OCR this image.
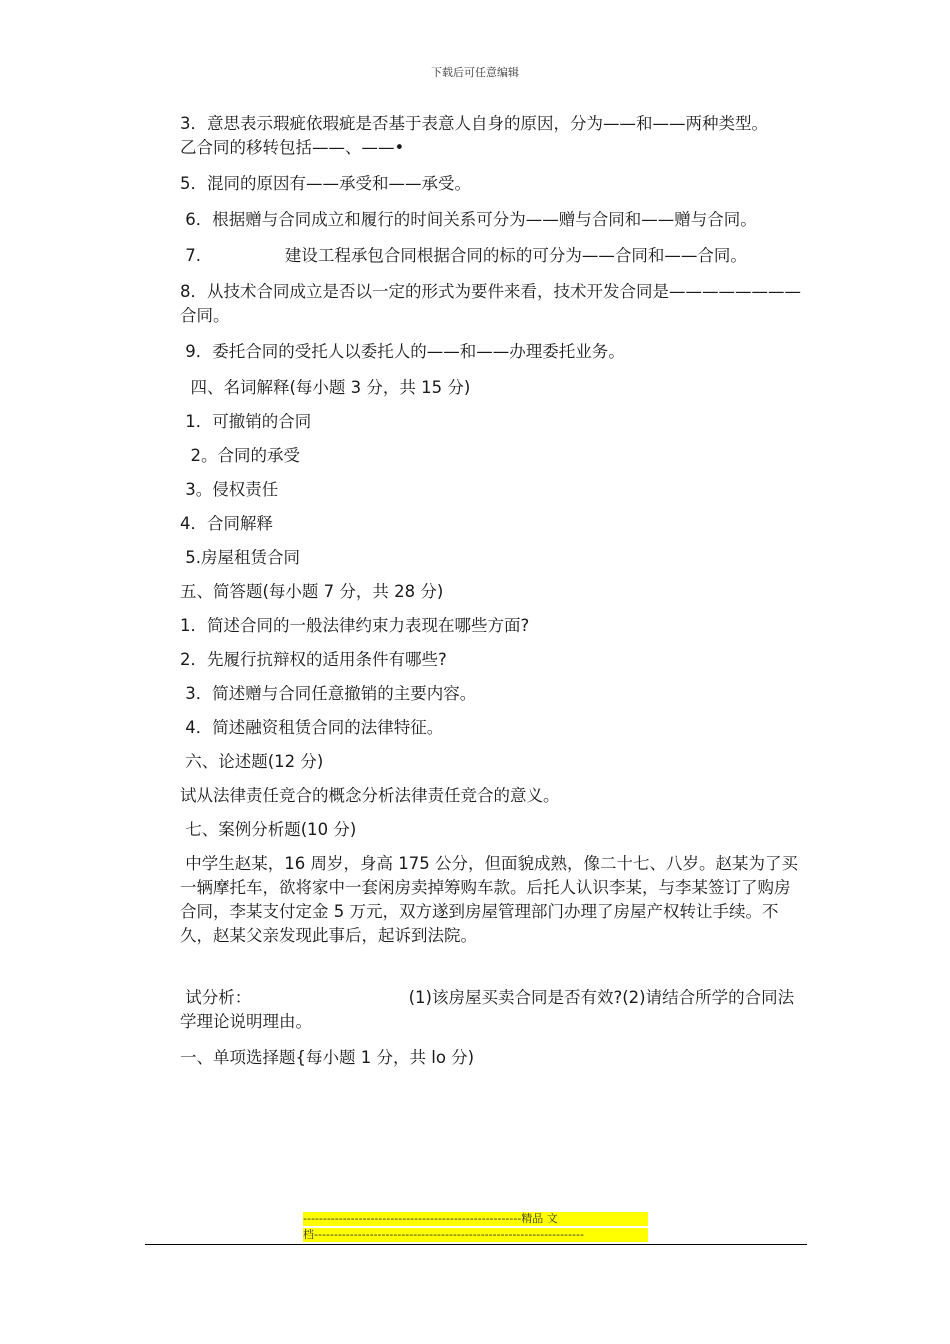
下载后可任意编辑

3．意思表示瑕疵依瑕疵是否基于表意人自身的原因，分为——和——两种类型。                              乙合同的移转包括——、——•

5．混同的原因有——承受和——承受。

6．根据赠与合同成立和履行的时间关系可分为——赠与合同和——赠与合同。

7.                建设工程承包合同根据合同的标的可分为——合同和——合同。

8．从技术合同成立是否以一定的形式为要件来看，技术开发合同是————————合同。

9．委托合同的受托人以委托人的——和——办理委托业务。

四、名词解释(每小题 3 分，共 15 分)

1．可撤销的合同

2。合同的承受

3。侵权责任

4．合同解释

5.房屋租赁合同

五、简答题(每小题 7 分，共 28 分)

1．简述合同的一般法律约束力表现在哪些方面?

2．先履行抗辩权的适用条件有哪些?

3．简述赠与合同任意撤销的主要内容。

4．简述融资租赁合同的法律特征。

六、论述题(12 分)

试从法律责任竞合的概念分析法律责任竞合的意义。

七、案例分析题(10 分)

中学生赵某，16 周岁，身高 175 公分，但面貌成熟，像二十七、八岁。赵某为了买一辆摩托车，欲将家中一套闲房卖掉筹购车款。后托人认识李某，与李某签订了购房合同，李某支付定金 5 万元，双方遂到房屋管理部门办理了房屋产权转让手续。不久，赵某父亲发现此事后，起诉到法院。

试分析：                              (1)该房屋买卖合同是否有效?(2)请结合所学的合同法学理论说明理由。

一、单项选择题{每小题 1 分，共 lo 分)

-------------------------------------------------------精品 文
档--------------------------------------------------------------------
